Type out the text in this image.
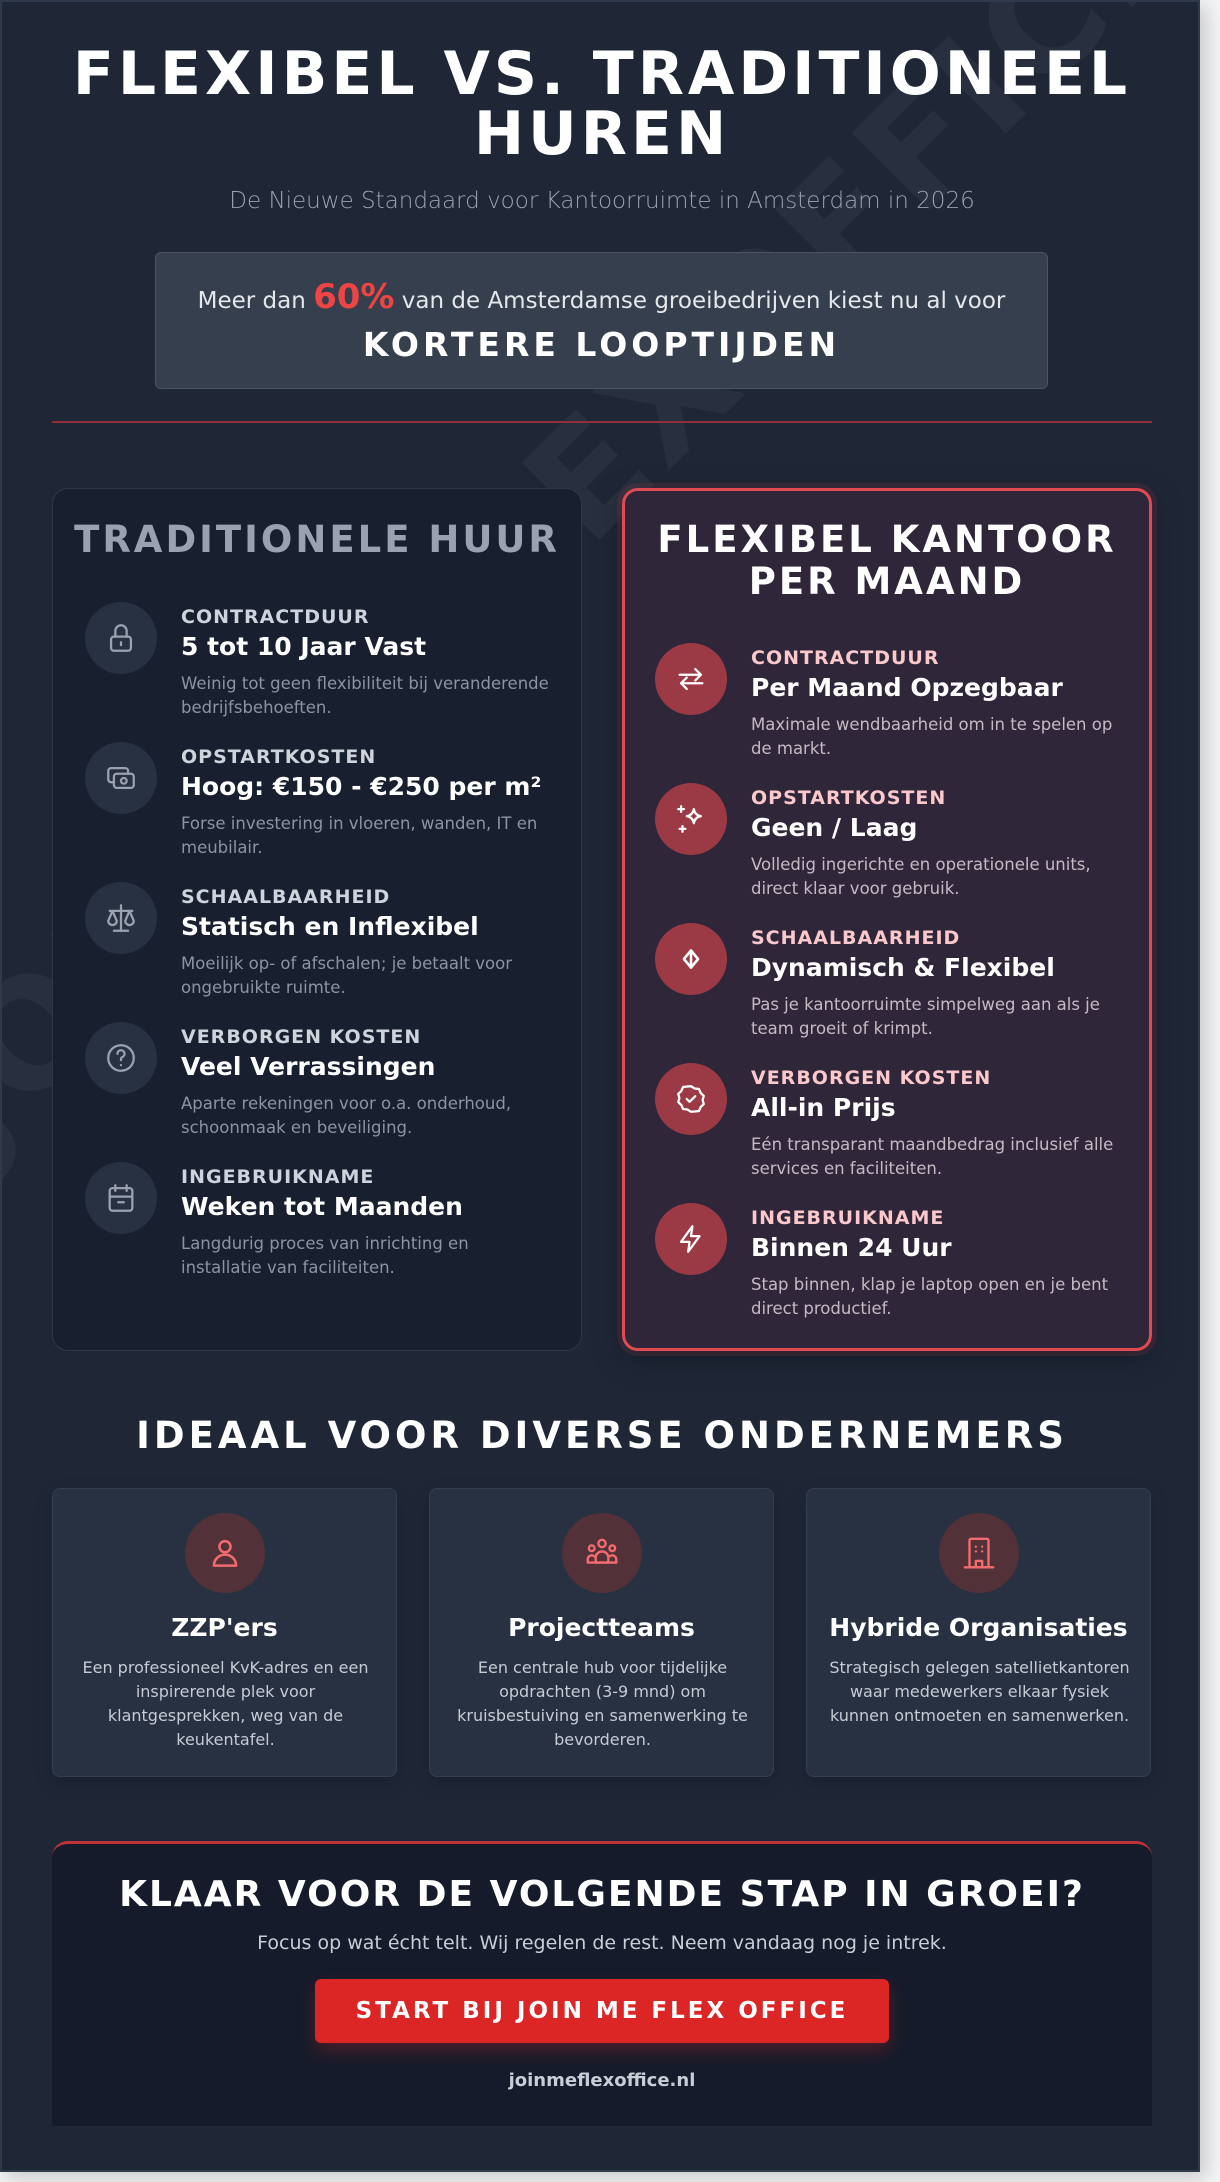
FLEXIBEL VS. TRADITIONEEL HUREN
De Nieuwe Standaard voor Kantoorruimte in Amsterdam in 2026
Meer dan 60% van de Amsterdamse groeibedrijven kiest nu al voor
KORTERE LOOPTIJDEN
TRADITIONELE HUUR
CONTRACTDUUR
5 tot 10 Jaar Vast
Weinig tot geen flexibiliteit bij veranderende bedrijfsbehoeften.
OPSTARTKOSTEN
Hoog: €150 - €250 per m²
Forse investering in vloeren, wanden, IT en meubilair.
SCHAALBAARHEID
Statisch en Inflexibel
Moeilijk op- of afschalen; je betaalt voor ongebruikte ruimte.
VERBORGEN KOSTEN
Veel Verrassingen
Aparte rekeningen voor o.a. onderhoud, schoonmaak en beveiliging.
INGEBRUIKNAME
Weken tot Maanden
Langdurig proces van inrichting en installatie van faciliteiten.
FLEXIBEL KANTOOR
PER MAAND
CONTRACTDUUR
Per Maand Opzegbaar
Maximale wendbaarheid om in te spelen op de markt.
OPSTARTKOSTEN
Geen / Laag
Volledig ingerichte en operationele units, direct klaar voor gebruik.
SCHAALBAARHEID
Dynamisch & Flexibel
Pas je kantoorruimte simpelweg aan als je team groeit of krimpt.
VERBORGEN KOSTEN
All-in Prijs
Eén transparant maandbedrag inclusief alle services en faciliteiten.
INGEBRUIKNAME
Binnen 24 Uur
Stap binnen, klap je laptop open en je bent direct productief.
IDEAAL VOOR DIVERSE ONDERNEMERS
ZZP'ers
Een professioneel KvK-adres en een inspirerende plek voor klantgesprekken, weg van de keukentafel.
Projectteams
Een centrale hub voor tijdelijke opdrachten (3-9 mnd) om kruisbestuiving en samenwerking te bevorderen.
Hybride Organisaties
Strategisch gelegen satellietkantoren waar medewerkers elkaar fysiek kunnen ontmoeten en samenwerken.
KLAAR VOOR DE VOLGENDE STAP IN GROEI?
Focus op wat écht telt. Wij regelen de rest. Neem vandaag nog je intrek.
START BIJ JOIN ME FLEX OFFICE
joinmeflexoffice.nl
